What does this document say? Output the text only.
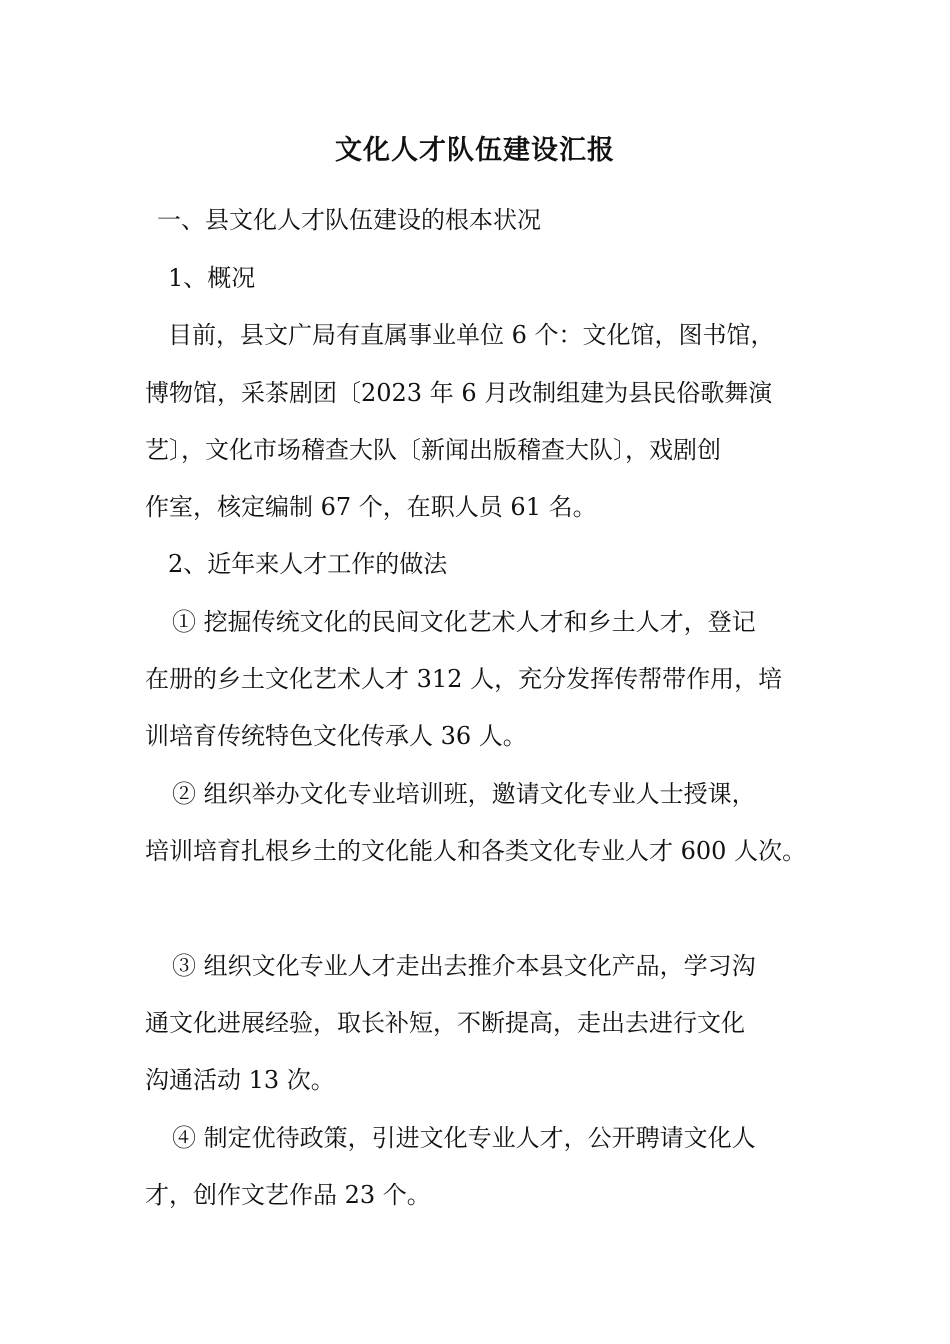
文化人才队伍建设汇报
一、县文化人才队伍建设的根本状况
1、概况
目前，县文广局有直属事业单位 6 个：文化馆，图书馆，
博物馆，采茶剧团〔2023 年 6 月改制组建为县民俗歌舞演
艺〕，文化市场稽查大队〔新闻出版稽查大队〕，戏剧创
作室，核定编制 67 个，在职人员 61 名。
2、近年来人才工作的做法
① 挖掘传统文化的民间文化艺术人才和乡土人才，登记
在册的乡土文化艺术人才 312 人，充分发挥传帮带作用，培
训培育传统特色文化传承人 36 人。
② 组织举办文化专业培训班，邀请文化专业人士授课，
培训培育扎根乡土的文化能人和各类文化专业人才 600 人次。
③ 组织文化专业人才走出去推介本县文化产品，学习沟
通文化进展经验，取长补短，不断提高，走出去进行文化
沟通活动 13 次。
④ 制定优待政策，引进文化专业人才，公开聘请文化人
才，创作文艺作品 23 个。
